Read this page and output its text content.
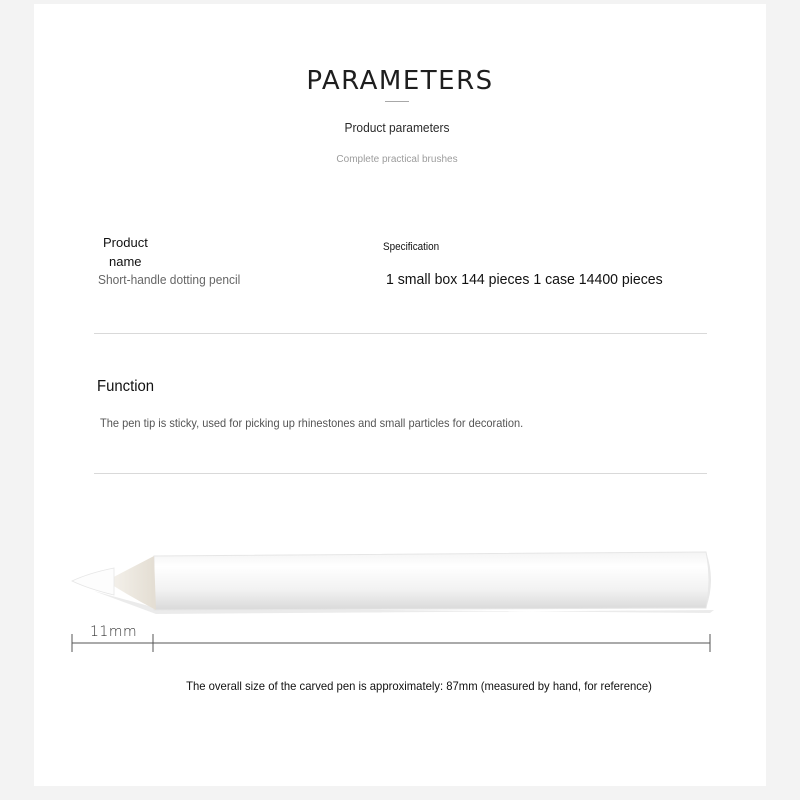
PARAMETERS
Product parameters
Complete practical brushes
Product
name
Specification
Short-handle dotting pencil	1 small box 144 pieces 1 case 14400 pieces
Function
The pen tip is sticky, used for picking up rhinestones and small particles for decoration.
11mm
The overall size of the carved pen is approximately: 87mm (measured by hand, for reference)
